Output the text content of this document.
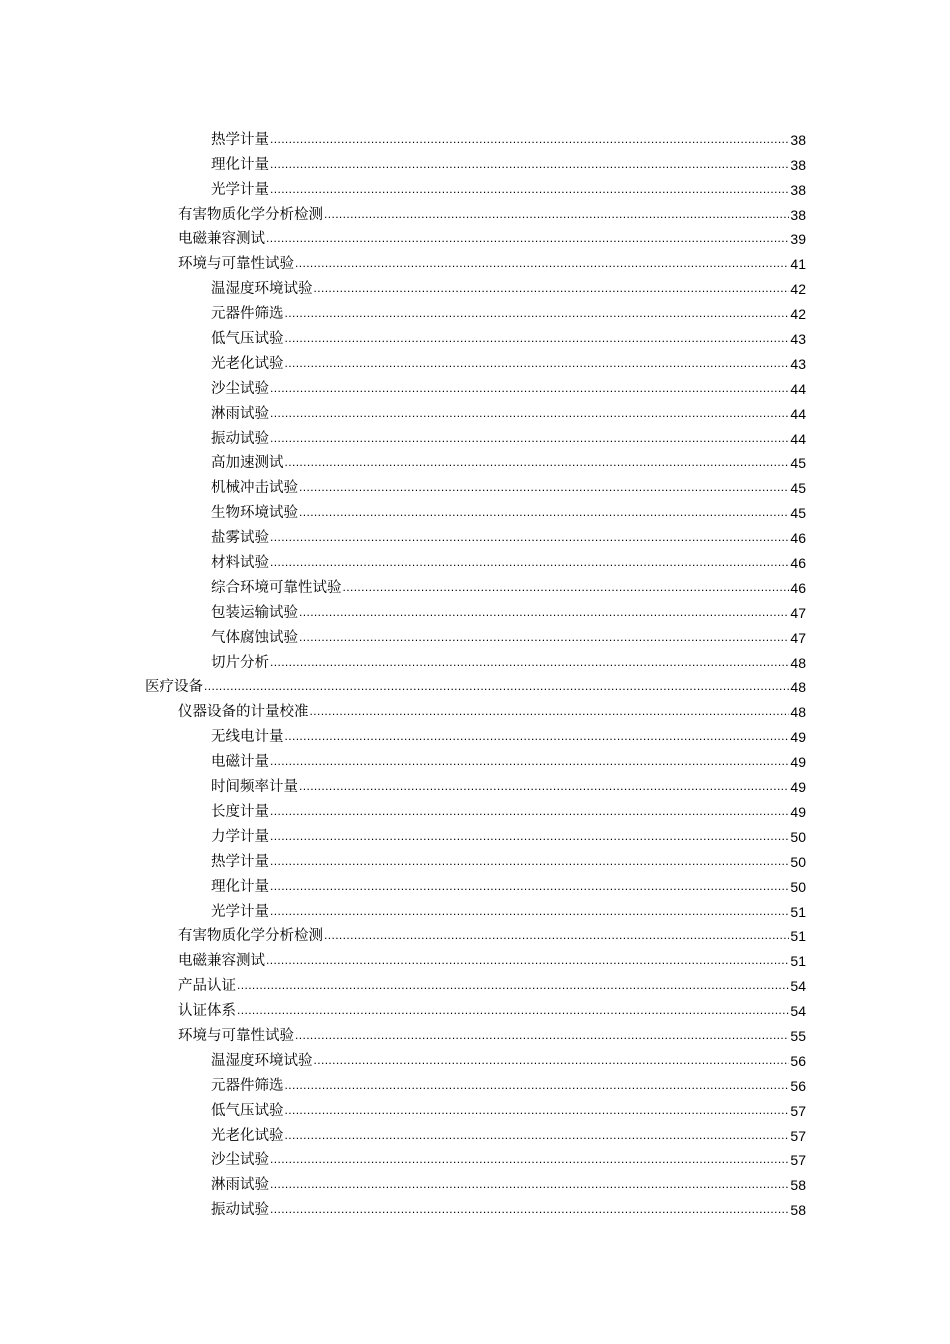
热学计量 .....	38
理化计量 .....	38
光学计量 .....	38
有害物质化学分析检测 .....	38
电磁兼容测试 .....	39
环境与可靠性试验 .....	41
温湿度环境试验 .....	42
元器件筛选 .....	42
低气压试验 .....	43
光老化试验 .....	43
沙尘试验 .....	44
淋雨试验 .....	44
振动试验 .....	44
高加速测试 .....	45
机械冲击试验 .....	45
生物环境试验 .....	45
盐雾试验 .....	46
材料试验 .....	46
综合环境可靠性试验 .....	46
包装运输试验 .....	47
气体腐蚀试验 .....	47
切片分析 .....	48
医疗设备 .....	48
仪器设备的计量校准 .....	48
无线电计量 .....	49
电磁计量 .....	49
时间频率计量 .....	49
长度计量 .....	49
力学计量 .....	50
热学计量 .....	50
理化计量 .....	50
光学计量 .....	51
有害物质化学分析检测 .....	51
电磁兼容测试 .....	51
产品认证 .....	54
认证体系 .....	54
环境与可靠性试验 .....	55
温湿度环境试验 .....	56
元器件筛选 .....	56
低气压试验 .....	57
光老化试验 .....	57
沙尘试验 .....	57
淋雨试验 .....	58
振动试验 .....	58
